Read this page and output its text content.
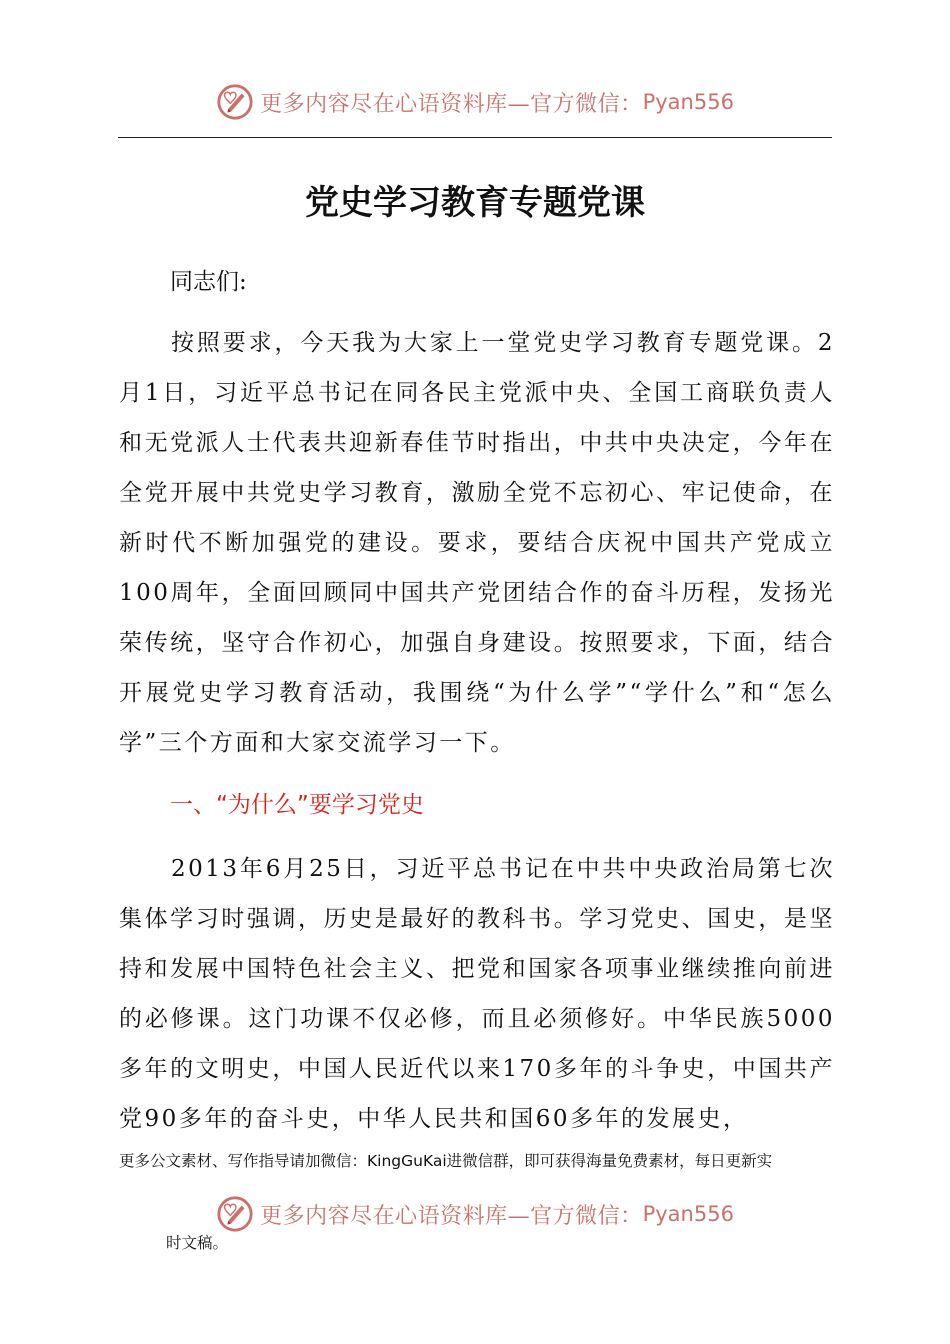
更多内容尽在心语资料库—官方微信： Pyan556
党史学习教育专题党课
同志们:

按照要求，今天我为大家上一堂党史学习教育专题党课。2月1日，习近平总书记在同各民主党派中央、全国工商联负责人和无党派人士代表共迎新春佳节时指出，中共中央决定，今年在全党开展中共党史学习教育，激励全党不忘初心、牢记使命，在新时代不断加强党的建设。要求，要结合庆祝中国共产党成立100周年，全面回顾同中国共产党团结合作的奋斗历程，发扬光荣传统，坚守合作初心，加强自身建设。按照要求，下面，结合开展党史学习教育活动，我围绕“为什么学”“学什么”和“怎么学”三个方面和大家交流学习一下。

一、“为什么”要学习党史

2013年6月25日，习近平总书记在中共中央政治局第七次集体学习时强调，历史是最好的教科书。学习党史、国史，是坚持和发展中国特色社会主义、把党和国家各项事业继续推向前进的必修课。这门功课不仅必修，而且必须修好。中华民族5000多年的文明史，中国人民近代以来170多年的斗争史，中国共产党90多年的奋斗史，中华人民共和国60多年的发展史，

更多公文素材、写作指导请加微信：KingGuKai进微信群，即可获得海量免费素材，每日更新实
更多内容尽在心语资料库—官方微信： Pyan556
时文稿。
